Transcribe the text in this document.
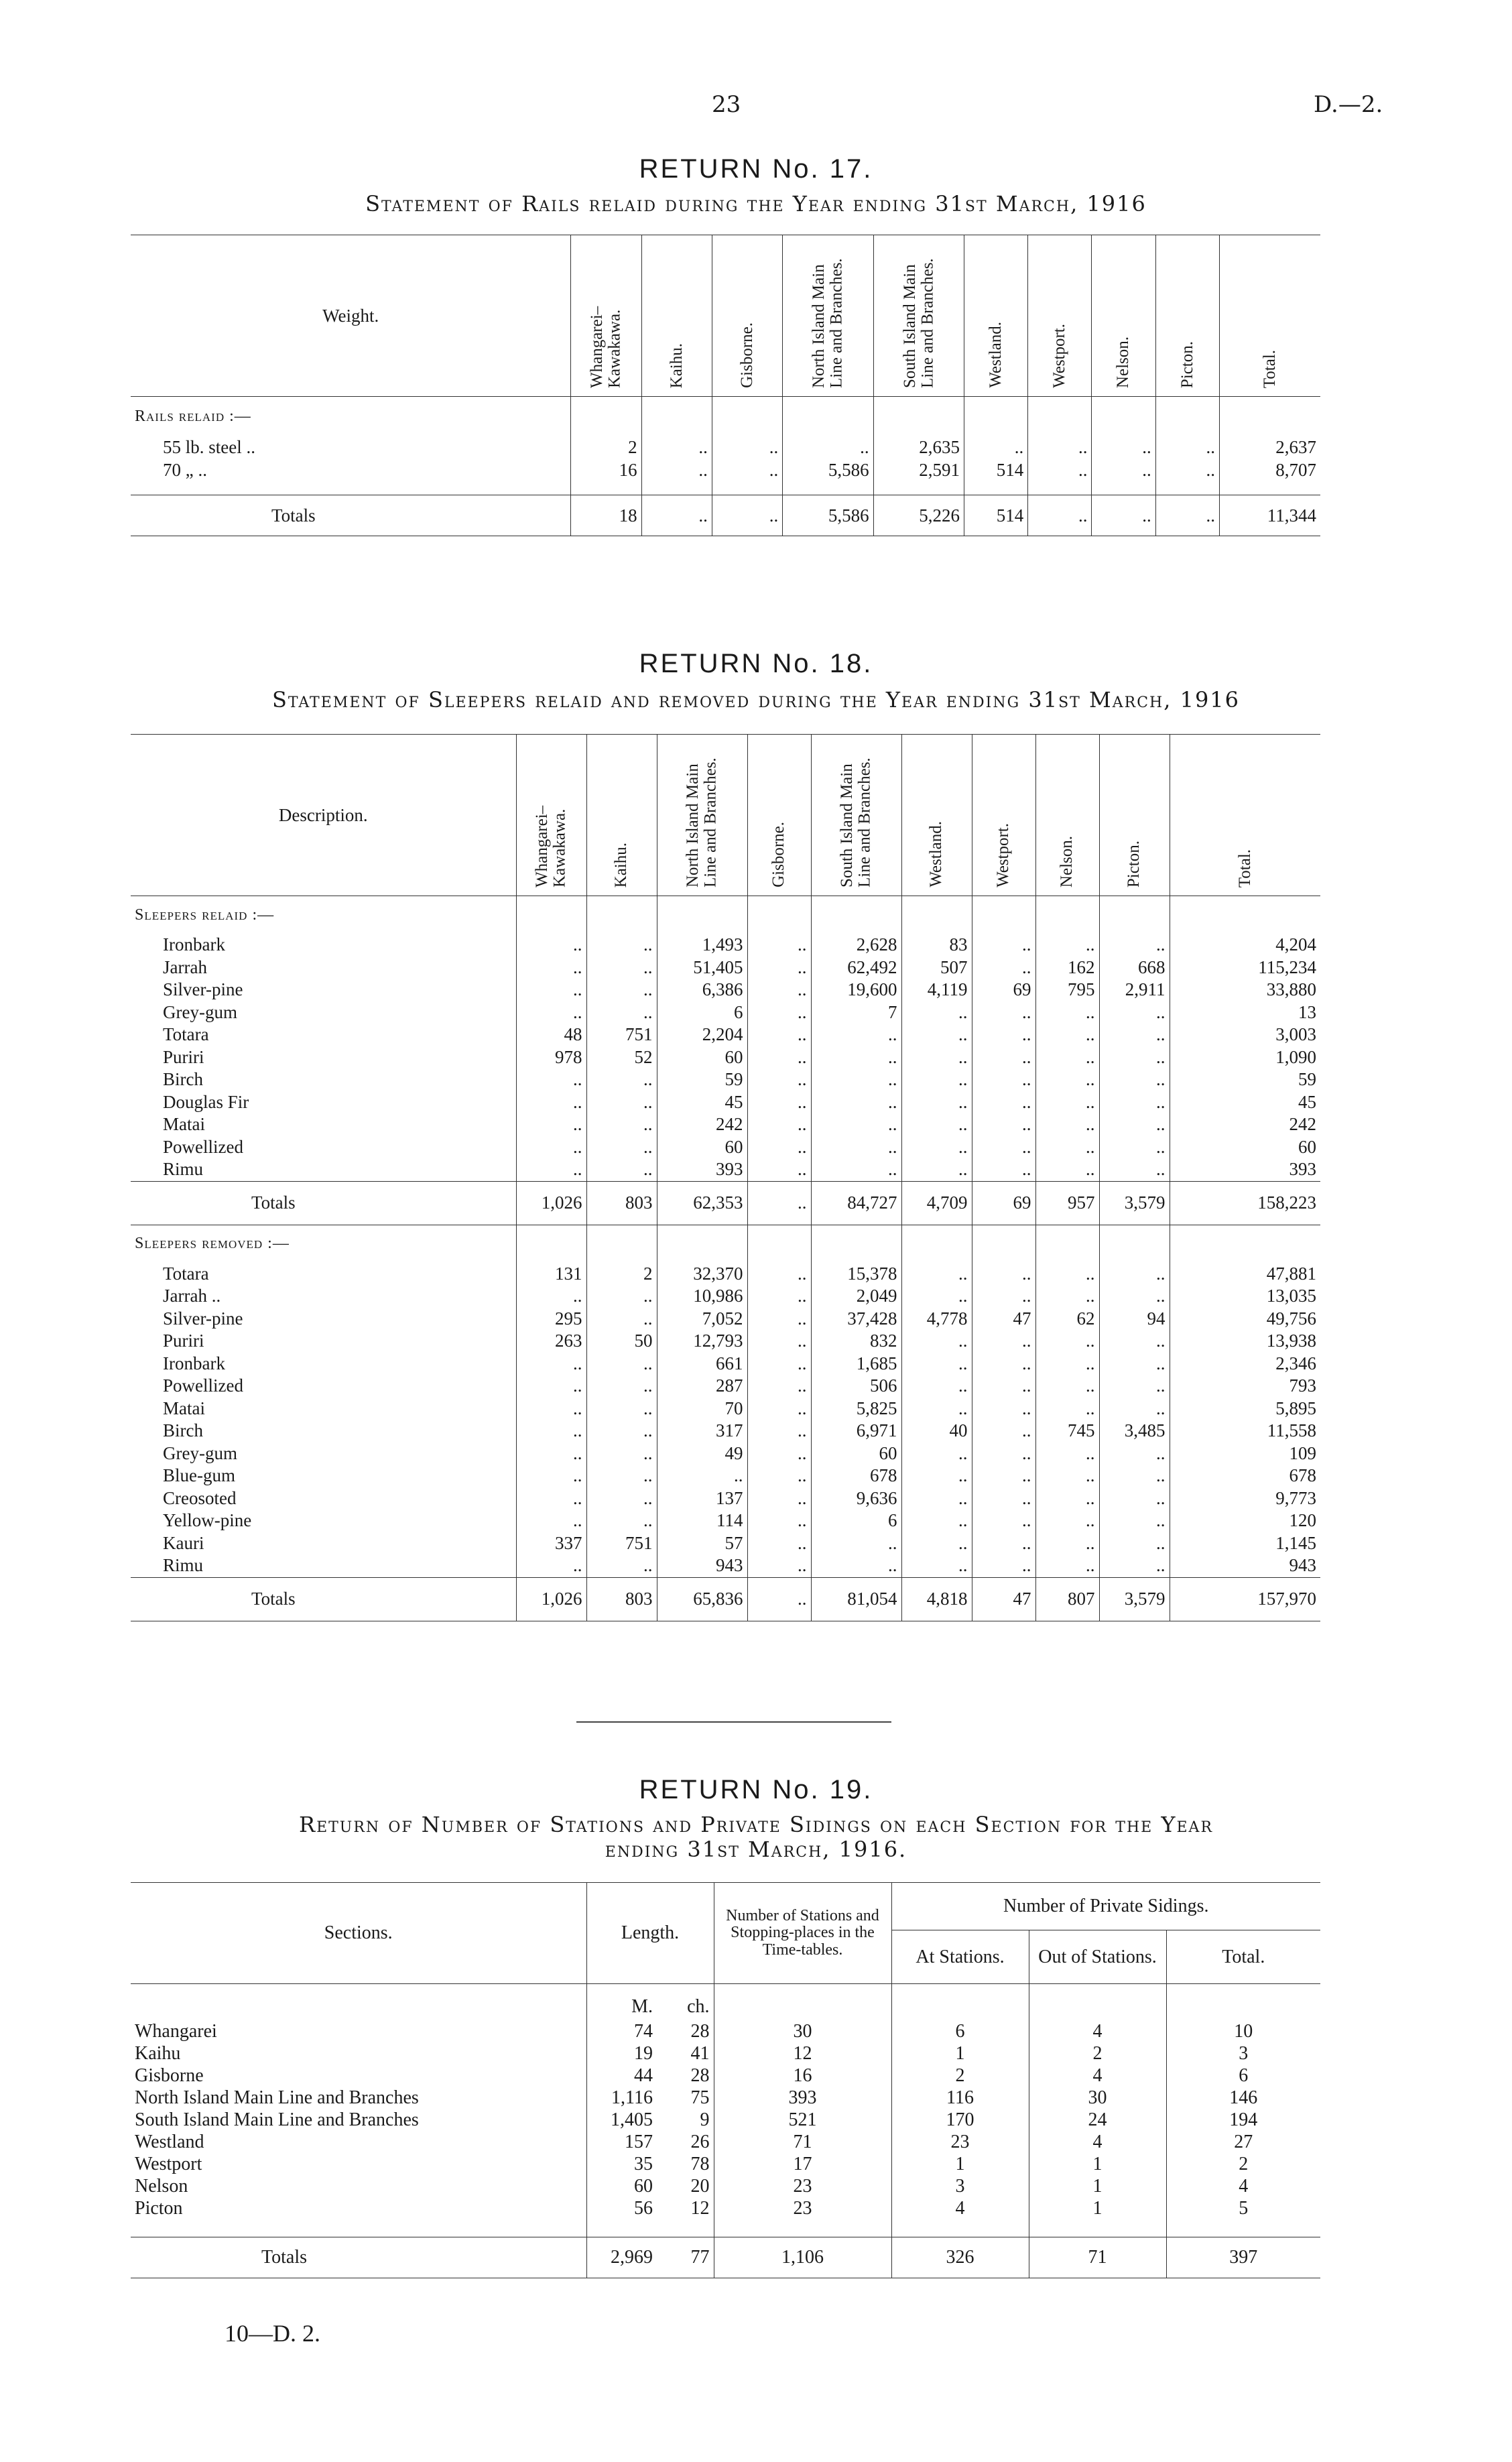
23	D.—2.
RETURN No. 17.
Statement of Rails relaid during the Year ending 31st March, 1916
Weight.	Whangarei–Kawakawa.	Kaihu.	Gisborne.	North Island Main Line and Branches.	South Island Main Line and Branches.	Westland.	Westport.	Nelson.	Picton.	Total.

Rails relaid :—										
55 lb. steel ..	2	..	..	..	2,635	..	..	..	..	2,637
70 „ ..	16	..	..	5,586	2,591	514	..	..	..	8,707

Totals	18	..	..	5,586	5,226	514	..	..	..	11,344
RETURN No. 18.
Statement of Sleepers relaid and removed during the Year ending 31st March, 1916
Description.	Whangarei–Kawakawa.	Kaihu.	North Island Main Line and Branches.	Gisborne.	South Island Main Line and Branches.	Westland.	Westport.	Nelson.	Picton.	Total.

Sleepers relaid :—										
Ironbark	..	..	1,493	..	2,628	83	..	..	..	4,204
Jarrah	..	..	51,405	..	62,492	507	..	162	668	115,234
Silver-pine	..	..	6,386	..	19,600	4,119	69	795	2,911	33,880
Grey-gum	..	..	6	..	7	..	..	..	..	13
Totara	48	751	2,204	..	..	..	..	..	..	3,003
Puriri	978	52	60	..	..	..	..	..	..	1,090
Birch	..	..	59	..	..	..	..	..	..	59
Douglas Fir	..	..	45	..	..	..	..	..	..	45
Matai	..	..	242	..	..	..	..	..	..	242
Powellized	..	..	60	..	..	..	..	..	..	60
Rimu	..	..	393	..	..	..	..	..	..	393
Totals	1,026	803	62,353	..	84,727	4,709	69	957	3,579	158,223
Sleepers removed :—										
Totara	131	2	32,370	..	15,378	..	..	..	..	47,881
Jarrah ..	..	..	10,986	..	2,049	..	..	..	..	13,035
Silver-pine	295	..	7,052	..	37,428	4,778	47	62	94	49,756
Puriri	263	50	12,793	..	832	..	..	..	..	13,938
Ironbark	..	..	661	..	1,685	..	..	..	..	2,346
Powellized	..	..	287	..	506	..	..	..	..	793
Matai	..	..	70	..	5,825	..	..	..	..	5,895
Birch	..	..	317	..	6,971	40	..	745	3,485	11,558
Grey-gum	..	..	49	..	60	..	..	..	..	109
Blue-gum	..	..	..	..	678	..	..	..	..	678
Creosoted	..	..	137	..	9,636	..	..	..	..	9,773
Yellow-pine	..	..	114	..	6	..	..	..	..	120
Kauri	337	751	57	..	..	..	..	..	..	1,145
Rimu	..	..	943	..	..	..	..	..	..	943
Totals	1,026	803	65,836	..	81,054	4,818	47	807	3,579	157,970
RETURN No. 19.
Return of Number of Stations and Private Sidings on each Section for the Year
ending 31st March, 1916.
Sections.	Length.		Number of Stations and Stopping-places in the Time-tables.	Number of Private Sidings.		
				At Stations.	Out of Stations.	Total.
	M.	ch.				
Whangarei	74	28	30	6	4	10
Kaihu	19	41	12	1	2	3
Gisborne	44	28	16	2	4	6
North Island Main Line and Branches	1,116	75	393	116	30	146
South Island Main Line and Branches	1,405	9	521	170	24	194
Westland	157	26	71	23	4	27
Westport	35	78	17	1	1	2
Nelson	60	20	23	3	1	4
Picton	56	12	23	4	1	5

Totals	2,969	77	1,106	326	71	397
10—D. 2.
